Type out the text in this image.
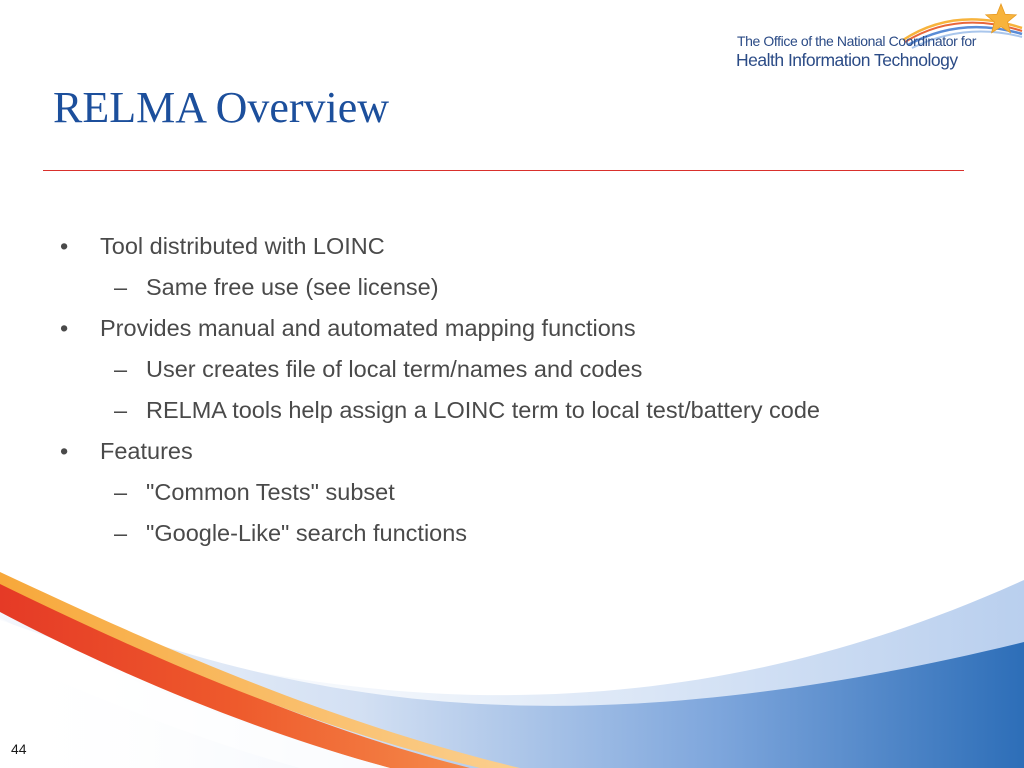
The Office of the National Coordinator for
Health Information Technology
RELMA Overview
• Tool distributed with LOINC
– Same free use (see license)
• Provides manual and automated mapping functions
– User creates file of local term/names and codes
– RELMA tools help assign a LOINC term to local test/battery code
• Features
– "Common Tests" subset
– "Google-Like" search functions
44
